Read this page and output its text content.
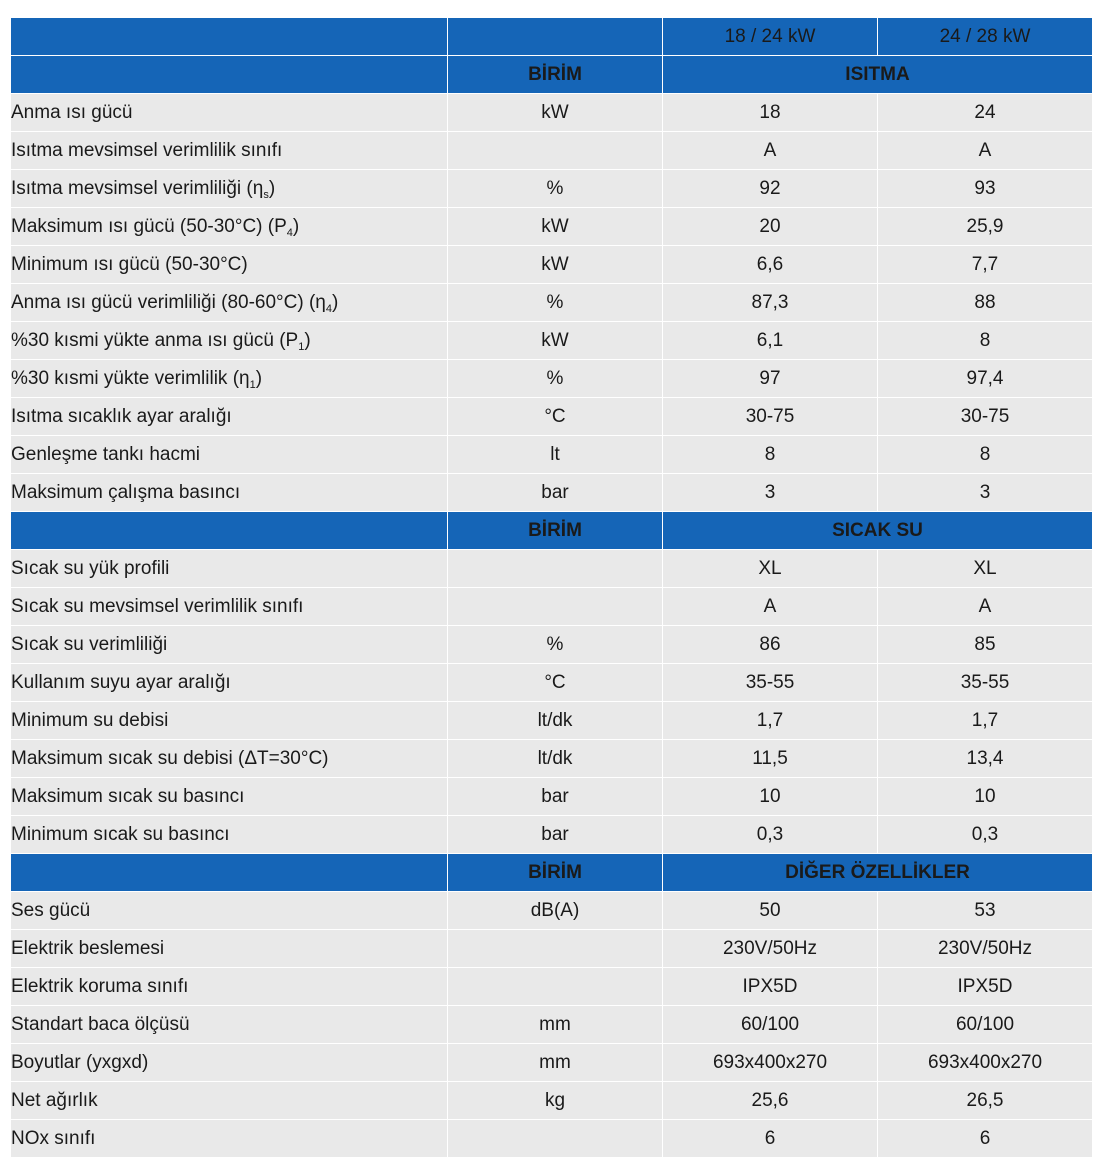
		18 / 24 kW	24 / 28 kW
	BİRİM	ISITMA	
Anma ısı gücü	kW	18	24
Isıtma mevsimsel verimlilik sınıfı		A	A
Isıtma mevsimsel verimliliği $(\eta_s)$	%	92	93
Maksimum ısı gücü (50-30°C) $(P_4)$	kW	20	25,9
Minimum ısı gücü (50-30°C)	kW	6,6	7,7
Anma ısı gücü verimliliği (80-60°C) $(\eta_4)$	%	87,3	88
%30 kısmi yükte anma ısı gücü $(P_1)$	kW	6,1	8
%30 kısmi yükte verimlilik $(\eta_1)$	%	97	97,4
Isıtma sıcaklık ayar aralığı	°C	30-75	30-75
Genleşme tankı hacmi	lt	8	8
Maksimum çalışma basıncı	bar	3	3
	BİRİM	SICAK SU	
Sıcak su yük profili		XL	XL
Sıcak su mevsimsel verimlilik sınıfı		A	A
Sıcak su verimliliği	%	86	85
Kullanım suyu ayar aralığı	°C	35-55	35-55
Minimum su debisi	lt/dk	1,7	1,7
Maksimum sıcak su debisi (ΔT=30°C)	lt/dk	11,5	13,4
Maksimum sıcak su basıncı	bar	10	10
Minimum sıcak su basıncı	bar	0,3	0,3
	BİRİM	DİĞER ÖZELLİKLER	
Ses gücü	dB(A)	50	53
Elektrik beslemesi		230V/50Hz	230V/50Hz
Elektrik koruma sınıfı		IPX5D	IPX5D
Standart baca ölçüsü	mm	60/100	60/100
Boyutlar (yxgxd)	mm	693x400x270	693x400x270
Net ağırlık	kg	25,6	26,5
NOx sınıfı		6	6
